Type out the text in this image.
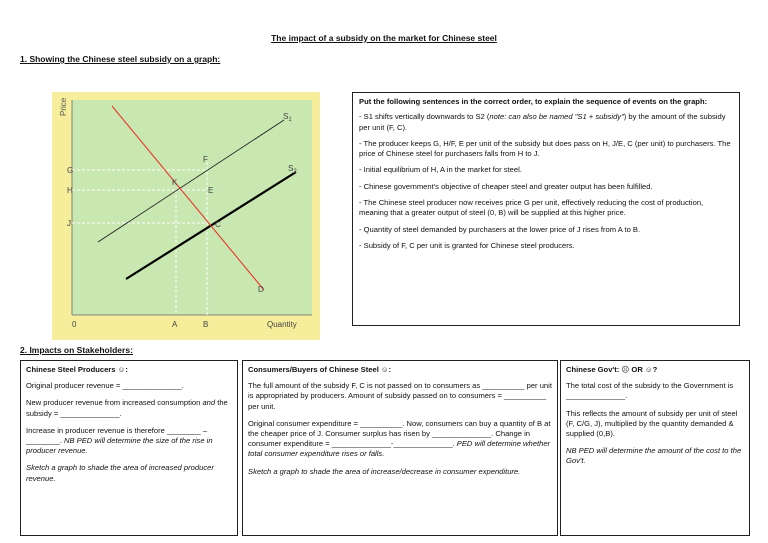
The impact of a subsidy on the market for Chinese steel
1. Showing the Chinese steel subsidy on a graph:
Price
Quantity
0
G
H
J
A	B
$S_1$
$S_2$
D
K
F
E
C
Put the following sentences in the correct order, to explain the sequence of events on the graph:

- S1 shifts vertically downwards to S2 (note: can also be named "S1 + subsidy") by the amount of the subsidy per unit (F, C).

- The producer keeps G, H/F, E per unit of the subsidy but does pass on H, J/E, C (per unit) to purchasers. The price of Chinese steel for purchasers falls from H to J.

- Initial equilibrium of H, A in the market for steel.

- Chinese government's objective of cheaper steel and greater output has been fulfilled.

- The Chinese steel producer now receives price G per unit, effectively reducing the cost of production, meaning that a greater output of steel (0, B) will be supplied at this higher price.

- Quantity of steel demanded by purchasers at the lower price of J rises from A to B.

- Subsidy of F, C per unit is granted for Chinese steel producers.

2. Impacts on Stakeholders:
Chinese Steel Producers ☺:

Original producer revenue = ______________.

New producer revenue from increased consumption and the subsidy = ______________.

Increase in producer revenue is therefore ________ – ________. NB PED will determine the size of the rise in producer revenue.

Sketch a graph to shade the area of increased producer revenue.

Consumers/Buyers of Chinese Steel ☺:

The full amount of the subsidy F, C is not passed on to consumers as __________ per unit is appropriated by producers. Amount of subsidy passed on to consumers = __________ per unit.

Original consumer expenditure = __________. Now, consumers can buy a quantity of B at the cheaper price of J. Consumer surplus has risen by ______________. Change in consumer expenditure = ______________-______________. PED will determine whether total consumer expenditure rises or falls.

Sketch a graph to shade the area of increase/decrease in consumer expenditure.

Chinese Gov't: ☹ OR ☺?

The total cost of the subsidy to the Government is ______________.

This reflects the amount of subsidy per unit of steel (F, C/G, J), multiplied by the quantity demanded & supplied (0,B).

NB PED will determine the amount of the cost to the Gov't.
